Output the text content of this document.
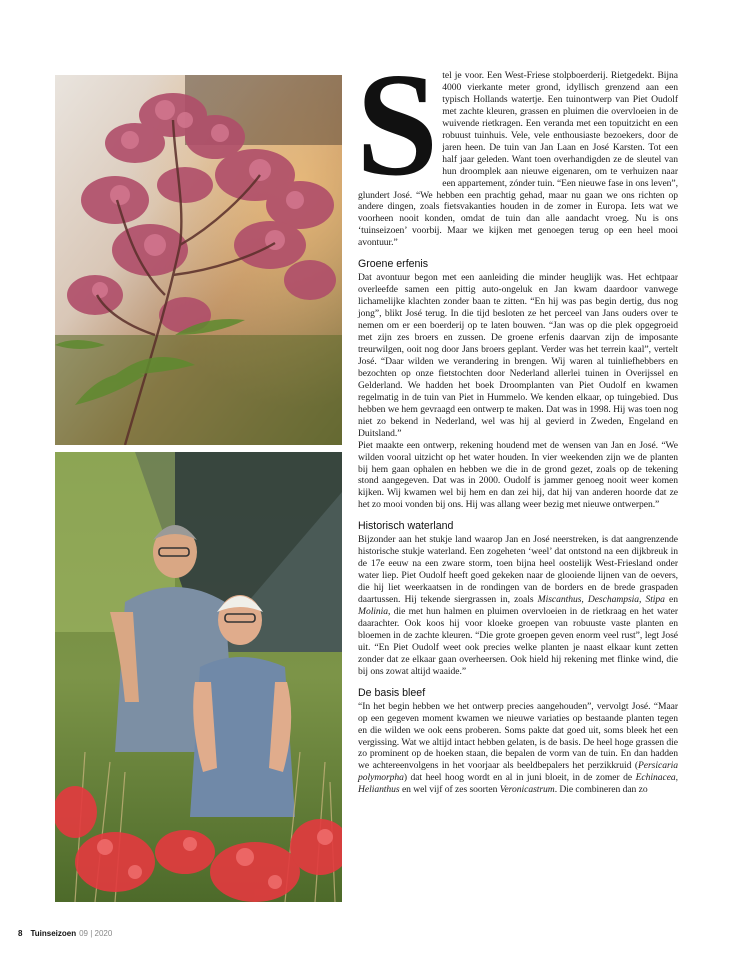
Stel je voor. Een West-Friese stolpboerderij. Rietgedekt. Bijna 4000 vierkante meter grond, idyllisch grenzend aan een typisch Hollands watertje. Een tuinontwerp van Piet Oudolf met zachte kleuren, grassen en pluimen die overvloeien in de wuivende rietkragen. Een veranda met een topuitzicht en een robuust tuinhuis. Vele, vele enthousiaste bezoekers, door de jaren heen. De tuin van Jan Laan en José Karsten. Tot een half jaar geleden. Want toen overhandigden ze de sleutel van hun droomplek aan nieuwe eigenaren, om te verhuizen naar een appartement, zónder tuin. “Een nieuwe fase in ons leven”, glundert José. “We hebben een prachtig gehad, maar nu gaan we ons richten op andere dingen, zoals fietsvakanties houden in de zomer in Europa. Iets wat we voorheen nooit konden, omdat de tuin dan alle aandacht vroeg. Nu is ons ‘tuinseizoen’ voorbij. Maar we kijken met genoegen terug op een heel mooi avontuur.”

Groene erfenis

Dat avontuur begon met een aanleiding die minder heuglijk was. Het echtpaar overleefde samen een pittig auto-ongeluk en Jan kwam daardoor vanwege lichamelijke klachten zonder baan te zitten. “En hij was pas begin dertig, dus nog jong”, blikt José terug. In die tijd besloten ze het perceel van Jans ouders over te nemen om er een boerderij op te laten bouwen. “Jan was op die plek opgegroeid met zijn zes broers en zussen. De groene erfenis daarvan zijn de imposante treurwilgen, ooit nog door Jans broers geplant. Verder was het terrein kaal”, vertelt José. “Daar wilden we verandering in brengen. Wij waren al tuinliefhebbers en bezochten op onze fietstochten door Nederland allerlei tuinen in Overijssel en Gelderland. We hadden het boek Droomplanten van Piet Oudolf en kwamen regelmatig in de tuin van Piet in Hummelo. We kenden elkaar, op tuingebied. Dus hebben we hem gevraagd een ontwerp te maken. Dat was in 1998. Hij was toen nog niet zo bekend in Nederland, wel was hij al gevierd in Zweden, Engeland en Duitsland.”

Piet maakte een ontwerp, rekening houdend met de wensen van Jan en José. “We wilden vooral uitzicht op het water houden. In vier weekenden zijn we de planten bij hem gaan ophalen en hebben we die in de grond gezet, zoals op de tekening stond aangegeven. Dat was in 2000. Oudolf is jammer genoeg nooit weer komen kijken. Wij kwamen wel bij hem en dan zei hij, dat hij van anderen hoorde dat ze het zo mooi vonden bij ons. Hij was allang weer bezig met nieuwe ontwerpen.”

Historisch waterland

Bijzonder aan het stukje land waarop Jan en José neerstreken, is dat aangrenzende historische stukje waterland. Een zogeheten ‘weel’ dat ontstond na een dijkbreuk in de 17e eeuw na een zware storm, toen bijna heel oostelijk West-Friesland onder water liep. Piet Oudolf heeft goed gekeken naar de glooiende lijnen van de oevers, die hij liet weerkaatsen in de rondingen van de borders en de brede graspaden daartussen. Hij tekende siergrassen in, zoals Miscanthus, Deschampsia, Stipa en Molinia, die met hun halmen en pluimen overvloeien in de rietkraag en het water daarachter. Ook koos hij voor kloeke groepen van robuuste vaste planten en bloemen in de zachte kleuren. “Die grote groepen geven enorm veel rust”, legt José uit. “En Piet Oudolf weet ook precies welke planten je naast elkaar kunt zetten zonder dat ze elkaar gaan overheersen. Ook hield hij rekening met flinke wind, die bij ons zowat altijd waaide.”

De basis bleef

“In het begin hebben we het ontwerp precies aangehouden”, vervolgt José. “Maar op een gegeven moment kwamen we nieuwe variaties op bestaande planten tegen en die wilden we ook eens proberen. Soms pakte dat goed uit, soms bleek het een vergissing. Wat we altijd intact hebben gelaten, is de basis. De heel hoge grassen die zo prominent op de hoeken staan, die bepalen de vorm van de tuin. En dan hadden we achtereenvolgens in het voorjaar als beeldbepalers het perzikkruid (Persicaria polymorpha) dat heel hoog wordt en al in juni bloeit, in de zomer de Echinacea, Helianthus en wel vijf of zes soorten Veronicastrum. Die combineren dan zo

8 Tuinseizoen 09 | 2020
